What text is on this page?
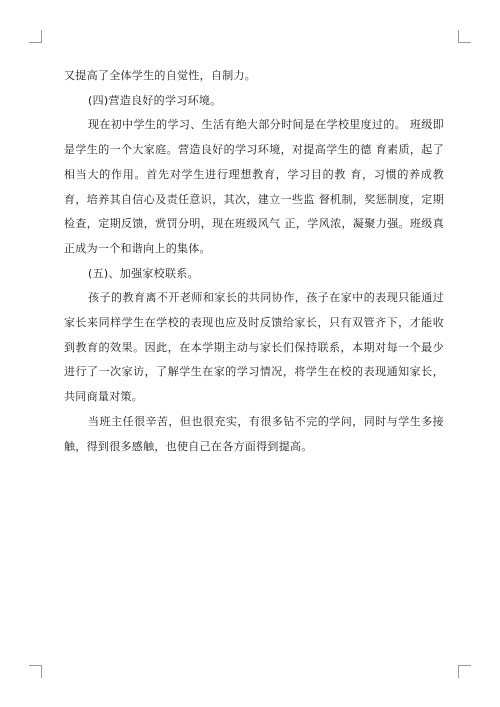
又提高了全体学生的自觉性，自制力。

(四)营造良好的学习环境。

现在初中学生的学习、生活有绝大部分时间是在学校里度过的。 班级即是学生的一个大家庭。营造良好的学习环境，对提高学生的德 育素质，起了相当大的作用。首先对学生进行理想教育，学习目的教 育，习惯的养成教育，培养其自信心及责任意识，其次，建立一些监 督机制，奖惩制度，定期检查，定期反馈，赏罚分明，现在班级风气 正，学风浓，凝聚力强。班级真正成为一个和谐向上的集体。

(五)、加强家校联系。

孩子的教育离不开老师和家长的共同协作，孩子在家中的表现只能通过家长来同样学生在学校的表现也应及时反馈给家长，只有双管齐下，才能收到教育的效果。因此，在本学期主动与家长们保持联系，本期对每一个最少进行了一次家访，了解学生在家的学习情况，将学生在校的表现通知家长，共同商量对策。

当班主任很辛苦，但也很充实，有很多钻不完的学问，同时与学生多接触，得到很多感触，也使自己在各方面得到提高。
